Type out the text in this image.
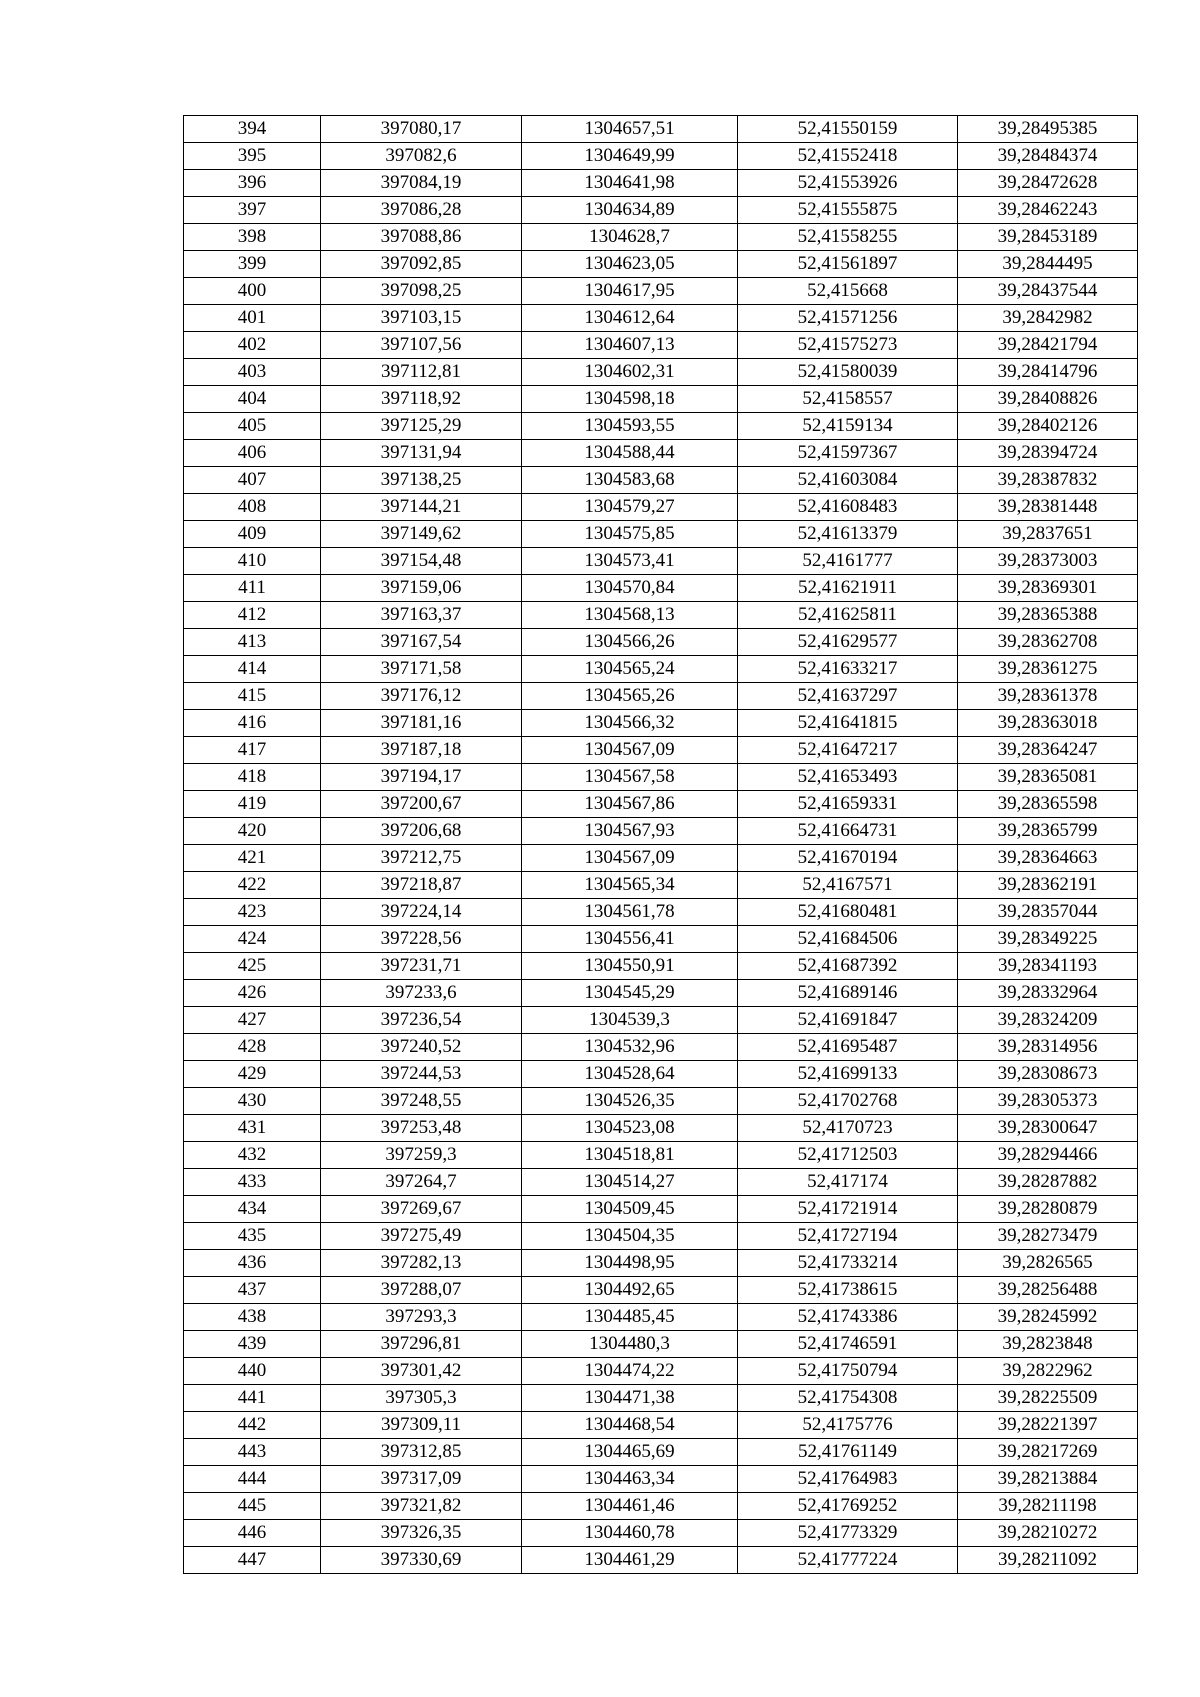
394	397080,17	1304657,51	52,41550159	39,28495385
395	397082,6	1304649,99	52,41552418	39,28484374
396	397084,19	1304641,98	52,41553926	39,28472628
397	397086,28	1304634,89	52,41555875	39,28462243
398	397088,86	1304628,7	52,41558255	39,28453189
399	397092,85	1304623,05	52,41561897	39,2844495
400	397098,25	1304617,95	52,415668	39,28437544
401	397103,15	1304612,64	52,41571256	39,2842982
402	397107,56	1304607,13	52,41575273	39,28421794
403	397112,81	1304602,31	52,41580039	39,28414796
404	397118,92	1304598,18	52,4158557	39,28408826
405	397125,29	1304593,55	52,4159134	39,28402126
406	397131,94	1304588,44	52,41597367	39,28394724
407	397138,25	1304583,68	52,41603084	39,28387832
408	397144,21	1304579,27	52,41608483	39,28381448
409	397149,62	1304575,85	52,41613379	39,2837651
410	397154,48	1304573,41	52,4161777	39,28373003
411	397159,06	1304570,84	52,41621911	39,28369301
412	397163,37	1304568,13	52,41625811	39,28365388
413	397167,54	1304566,26	52,41629577	39,28362708
414	397171,58	1304565,24	52,41633217	39,28361275
415	397176,12	1304565,26	52,41637297	39,28361378
416	397181,16	1304566,32	52,41641815	39,28363018
417	397187,18	1304567,09	52,41647217	39,28364247
418	397194,17	1304567,58	52,41653493	39,28365081
419	397200,67	1304567,86	52,41659331	39,28365598
420	397206,68	1304567,93	52,41664731	39,28365799
421	397212,75	1304567,09	52,41670194	39,28364663
422	397218,87	1304565,34	52,4167571	39,28362191
423	397224,14	1304561,78	52,41680481	39,28357044
424	397228,56	1304556,41	52,41684506	39,28349225
425	397231,71	1304550,91	52,41687392	39,28341193
426	397233,6	1304545,29	52,41689146	39,28332964
427	397236,54	1304539,3	52,41691847	39,28324209
428	397240,52	1304532,96	52,41695487	39,28314956
429	397244,53	1304528,64	52,41699133	39,28308673
430	397248,55	1304526,35	52,41702768	39,28305373
431	397253,48	1304523,08	52,4170723	39,28300647
432	397259,3	1304518,81	52,41712503	39,28294466
433	397264,7	1304514,27	52,417174	39,28287882
434	397269,67	1304509,45	52,41721914	39,28280879
435	397275,49	1304504,35	52,41727194	39,28273479
436	397282,13	1304498,95	52,41733214	39,2826565
437	397288,07	1304492,65	52,41738615	39,28256488
438	397293,3	1304485,45	52,41743386	39,28245992
439	397296,81	1304480,3	52,41746591	39,2823848
440	397301,42	1304474,22	52,41750794	39,2822962
441	397305,3	1304471,38	52,41754308	39,28225509
442	397309,11	1304468,54	52,4175776	39,28221397
443	397312,85	1304465,69	52,41761149	39,28217269
444	397317,09	1304463,34	52,41764983	39,28213884
445	397321,82	1304461,46	52,41769252	39,28211198
446	397326,35	1304460,78	52,41773329	39,28210272
447	397330,69	1304461,29	52,41777224	39,28211092
